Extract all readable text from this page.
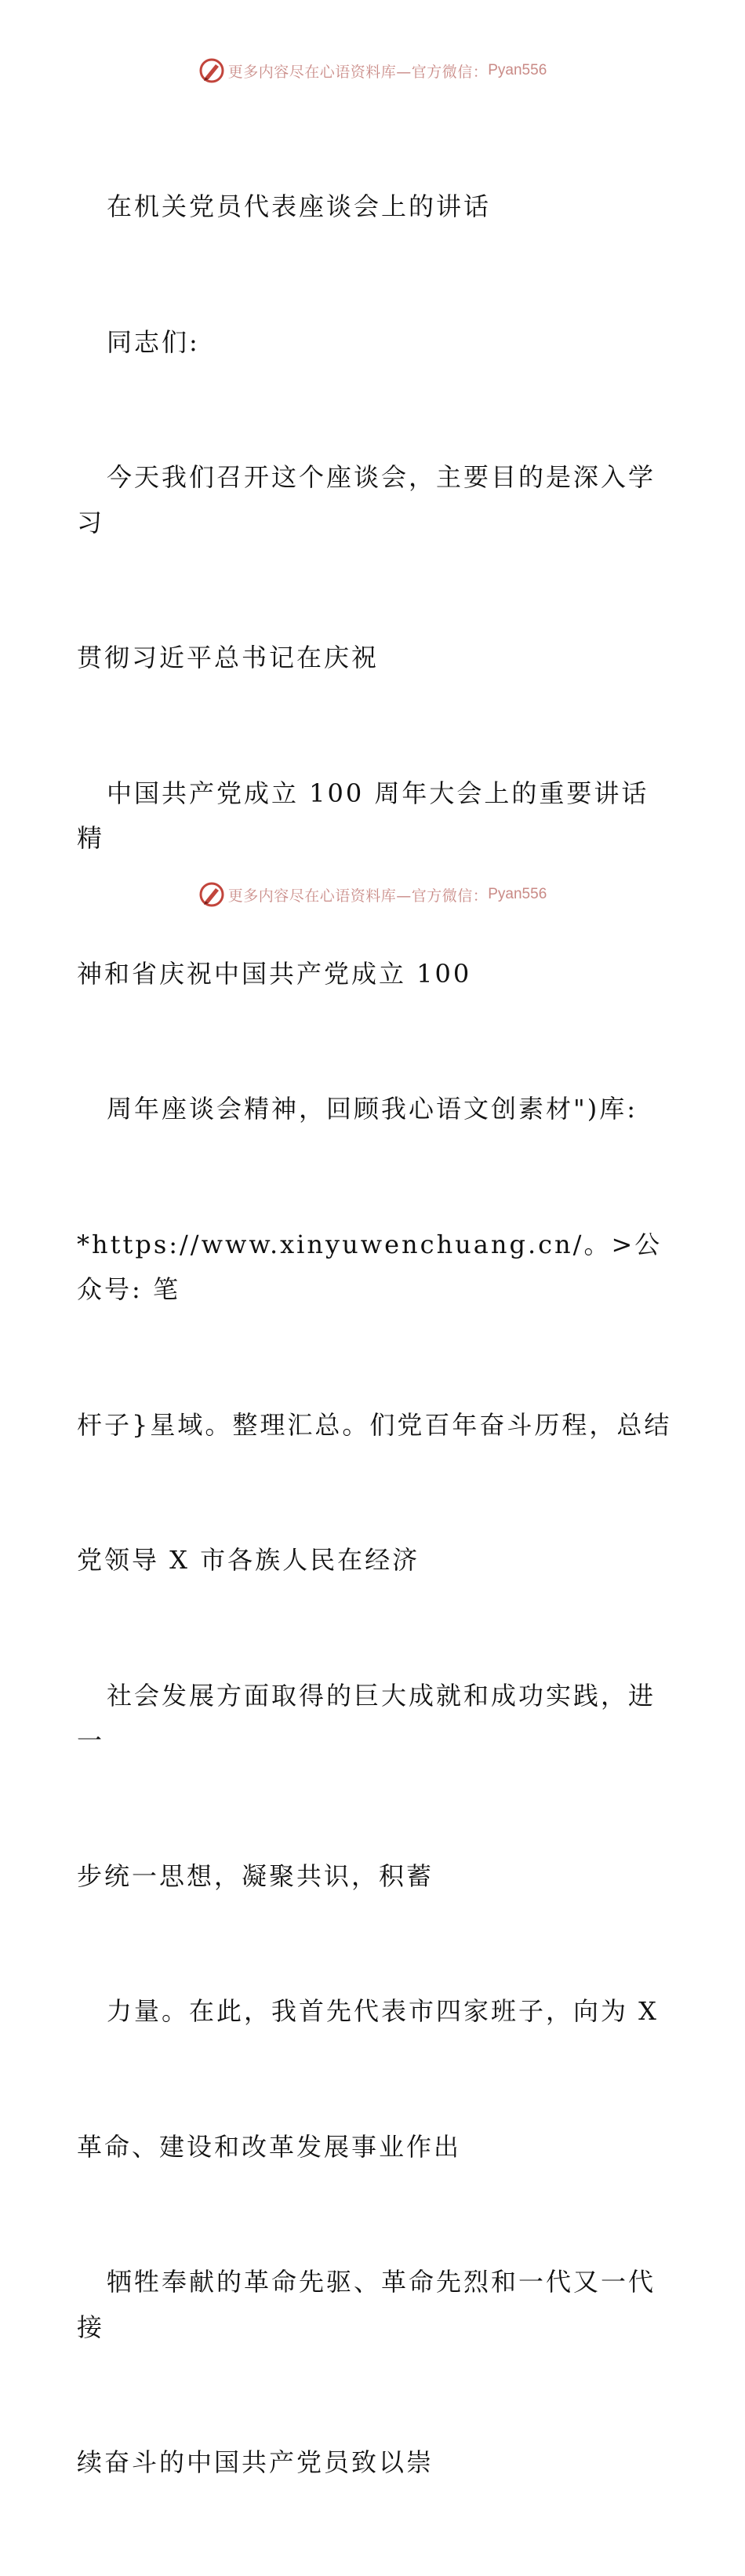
更多内容尽在心语资料库—官方微信： Pyan556

在机关党员代表座谈会上的讲话

同志们:

今天我们召开这个座谈会，主要目的是深入学习

贯彻习近平总书记在庆祝

中国共产党成立 100 周年大会上的重要讲话精

神和省庆祝中国共产党成立 100

周年座谈会精神，回顾我心语文创素材")库:

*https://www.xinyuwenchuang.cn/。>公众号: 笔

杆子}星域。整理汇总。们党百年奋斗历程，总结

党领导 X 市各族人民在经济

社会发展方面取得的巨大成就和成功实践，进一

步统一思想，凝聚共识，积蓄

力量。在此，我首先代表市四家班子，向为 X

革命、建设和改革发展事业作出

牺牲奉献的革命先驱、革命先烈和一代又一代接

续奋斗的中国共产党员致以崇

更多内容尽在心语资料库—官方微信： Pyan556
